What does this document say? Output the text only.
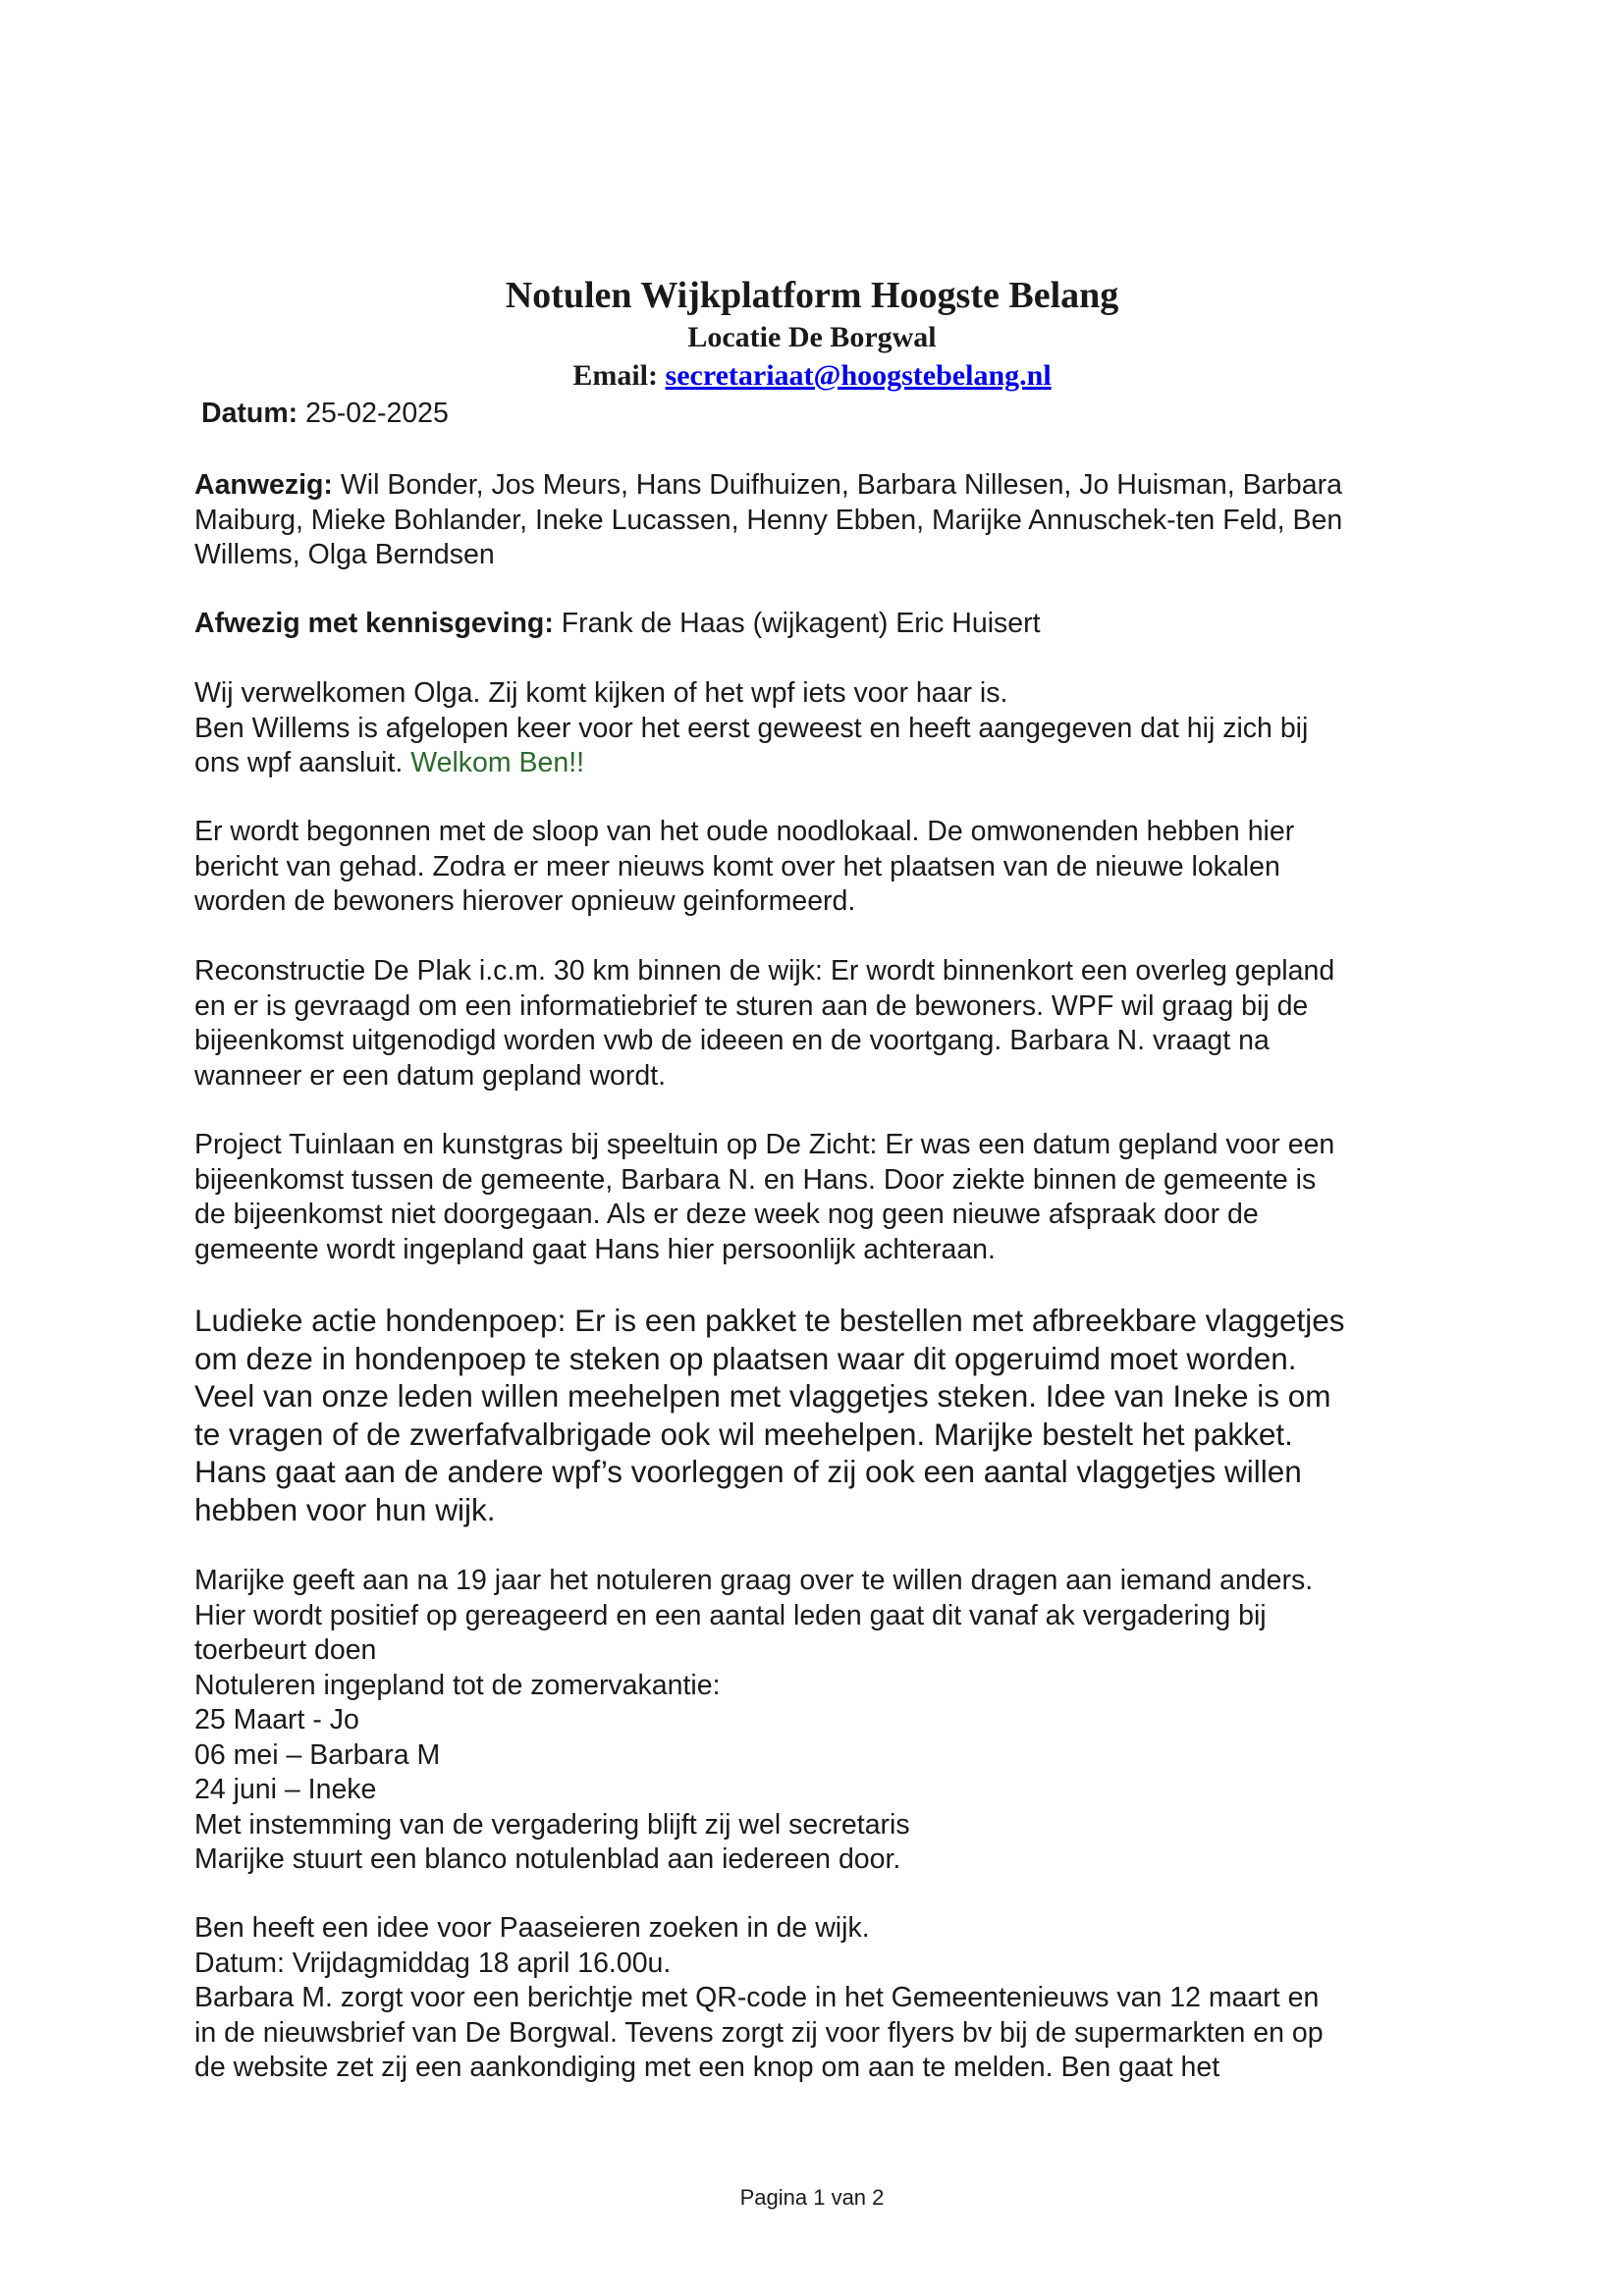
Notulen Wijkplatform Hoogste Belang
Locatie De Borgwal
Email: secretariaat@hoogstebelang.nl
Datum: 25-02-2025

Aanwezig: Wil Bonder, Jos Meurs, Hans Duifhuizen, Barbara Nillesen, Jo Huisman, Barbara

Maiburg, Mieke Bohlander, Ineke Lucassen, Henny Ebben, Marijke Annuschek-ten Feld, Ben

Willems, Olga Berndsen

Afwezig met kennisgeving: Frank de Haas (wijkagent) Eric Huisert

Wij verwelkomen Olga. Zij komt kijken of het wpf iets voor haar is.

Ben Willems is afgelopen keer voor het eerst geweest en heeft aangegeven dat hij zich bij

ons wpf aansluit. Welkom Ben!!

Er wordt begonnen met de sloop van het oude noodlokaal. De omwonenden hebben hier

bericht van gehad. Zodra er meer nieuws komt over het plaatsen van de nieuwe lokalen

worden de bewoners hierover opnieuw geinformeerd.

Reconstructie De Plak i.c.m. 30 km binnen de wijk: Er wordt binnenkort een overleg gepland

en er is gevraagd om een informatiebrief te sturen aan de bewoners. WPF wil graag bij de

bijeenkomst uitgenodigd worden vwb de ideeen en de voortgang. Barbara N. vraagt na

wanneer er een datum gepland wordt.

Project Tuinlaan en kunstgras bij speeltuin op De Zicht: Er was een datum gepland voor een

bijeenkomst tussen de gemeente, Barbara N. en Hans. Door ziekte binnen de gemeente is

de bijeenkomst niet doorgegaan. Als er deze week nog geen nieuwe afspraak door de

gemeente wordt ingepland gaat Hans hier persoonlijk achteraan.

Ludieke actie hondenpoep: Er is een pakket te bestellen met afbreekbare vlaggetjes

om deze in hondenpoep te steken op plaatsen waar dit opgeruimd moet worden.

Veel van onze leden willen meehelpen met vlaggetjes steken. Idee van Ineke is om

te vragen of de zwerfafvalbrigade ook wil meehelpen. Marijke bestelt het pakket.

Hans gaat aan de andere wpf’s voorleggen of zij ook een aantal vlaggetjes willen

hebben voor hun wijk.

Marijke geeft aan na 19 jaar het notuleren graag over te willen dragen aan iemand anders.

Hier wordt positief op gereageerd en een aantal leden gaat dit vanaf ak vergadering bij

toerbeurt doen

Notuleren ingepland tot de zomervakantie:

25 Maart - Jo

06 mei – Barbara M

24 juni – Ineke

Met instemming van de vergadering blijft zij wel secretaris

Marijke stuurt een blanco notulenblad aan iedereen door.

Ben heeft een idee voor Paaseieren zoeken in de wijk.

Datum: Vrijdagmiddag 18 april 16.00u.

Barbara M. zorgt voor een berichtje met QR-code in het Gemeentenieuws van 12 maart en

in de nieuwsbrief van De Borgwal. Tevens zorgt zij voor flyers bv bij de supermarkten en op

de website zet zij een aankondiging met een knop om aan te melden. Ben gaat het

Pagina 1 van 2
